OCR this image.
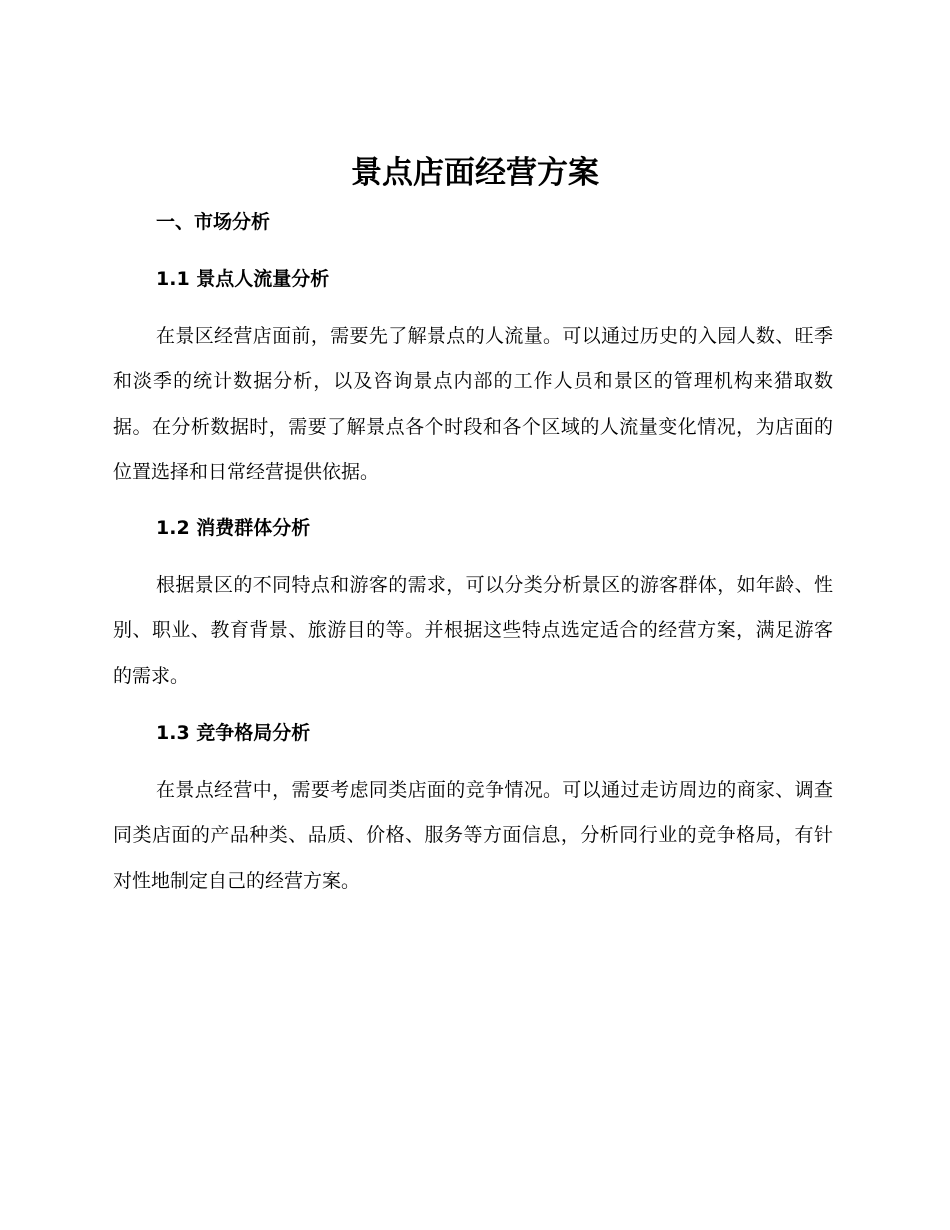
景点店面经营方案
一、市场分析
1.1 景点人流量分析

在景区经营店面前，需要先了解景点的人流量。可以通过历史的入园人数、旺季和淡季的统计数据分析，以及咨询景点内部的工作人员和景区的管理机构来猎取数据。在分析数据时，需要了解景点各个时段和各个区域的人流量变化情况，为店面的位置选择和日常经营提供依据。

1.2 消费群体分析

根据景区的不同特点和游客的需求，可以分类分析景区的游客群体，如年龄、性别、职业、教育背景、旅游目的等。并根据这些特点选定适合的经营方案，满足游客的需求。

1.3 竞争格局分析

在景点经营中，需要考虑同类店面的竞争情况。可以通过走访周边的商家、调查同类店面的产品种类、品质、价格、服务等方面信息，分析同行业的竞争格局，有针对性地制定自己的经营方案。
